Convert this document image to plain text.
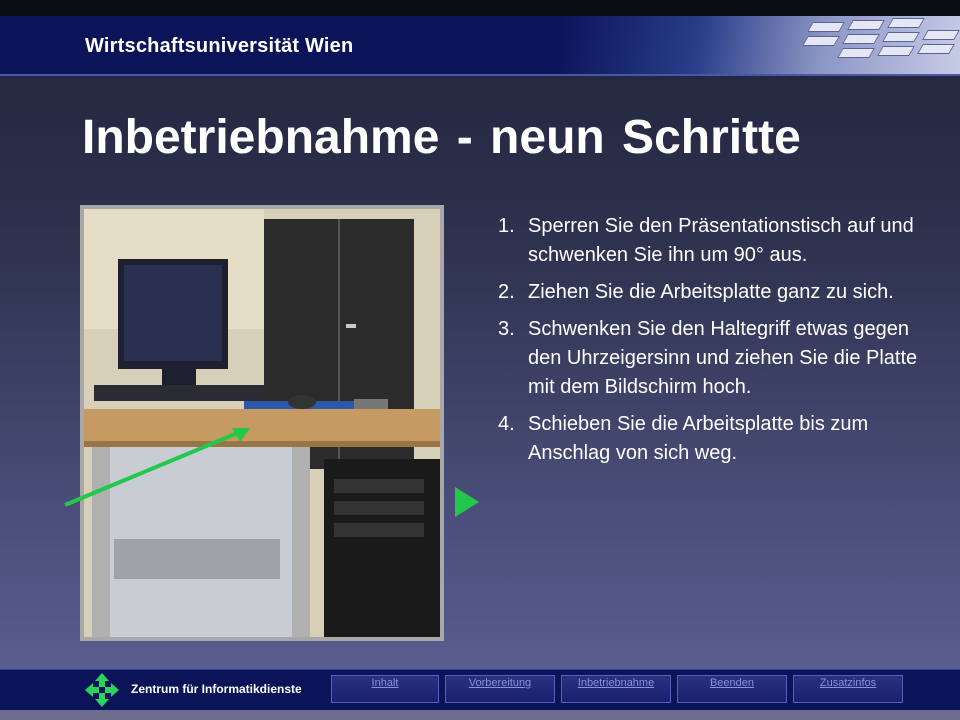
Wirtschaftsuniversität Wien
Inbetriebnahme - neun Schritte
1. Sperren Sie den Präsentationstisch auf und schwenken Sie ihn um 90° aus.
2. Ziehen Sie die Arbeitsplatte ganz zu sich.
3. Schwenken Sie den Haltegriff etwas gegen den Uhrzeigersinn und ziehen Sie die Platte mit dem Bildschirm hoch.
4. Schieben Sie die Arbeitsplatte bis zum Anschlag von sich weg.
Zentrum für Informatikdienste	Inhalt	Vorbereitung	Inbetriebnahme	Beenden	Zusatzinfos
